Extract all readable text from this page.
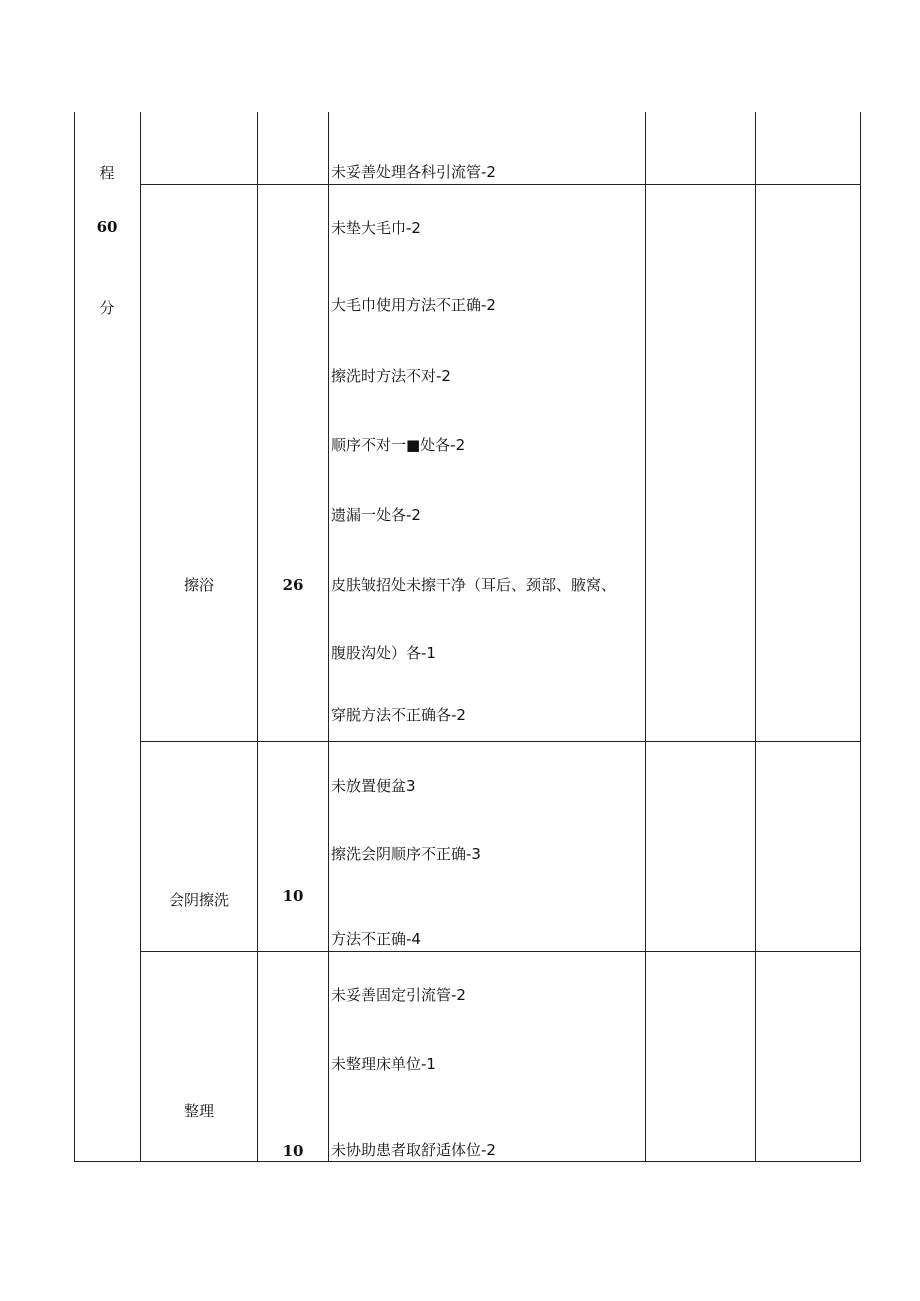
程
60
分
未妥善处理各科引流管-2
擦浴	26
未垫大毛巾-2
大毛巾使用方法不正确-2
擦洗时方法不对-2
顺序不对一■处各-2
遗漏一处各-2
皮肤皱招处未擦干净（耳后、颈部、腋窝、
腹股沟处）各-1
穿脱方法不正确各-2
会阴擦洗	10
未放置便盆3
擦洗会阴顺序不正确-3
方法不正确-4
整理
10
未妥善固定引流管-2
未整理床单位-1
未协助患者取舒适体位-2
